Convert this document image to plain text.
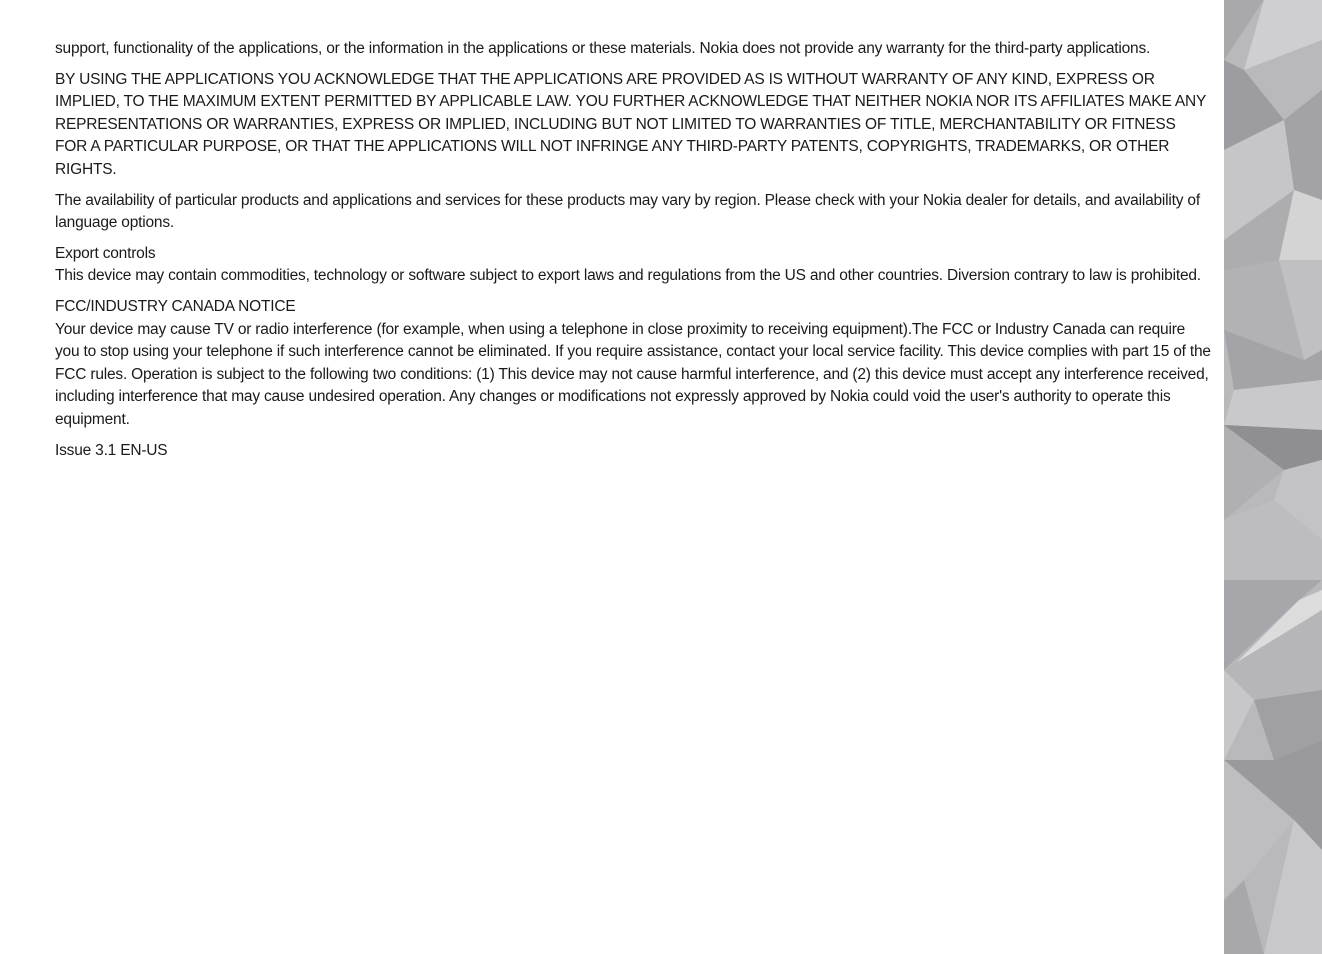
support, functionality of the applications, or the information in the applications or these materials. Nokia does not provide any warranty for the third-party applications.

BY USING THE APPLICATIONS YOU ACKNOWLEDGE THAT THE APPLICATIONS ARE PROVIDED AS IS WITHOUT WARRANTY OF ANY KIND, EXPRESS OR IMPLIED, TO THE MAXIMUM EXTENT PERMITTED BY APPLICABLE LAW. YOU FURTHER ACKNOWLEDGE THAT NEITHER NOKIA NOR ITS AFFILIATES MAKE ANY REPRESENTATIONS OR WARRANTIES, EXPRESS OR IMPLIED, INCLUDING BUT NOT LIMITED TO WARRANTIES OF TITLE, MERCHANTABILITY OR FITNESS FOR A PARTICULAR PURPOSE, OR THAT THE APPLICATIONS WILL NOT INFRINGE ANY THIRD-PARTY PATENTS, COPYRIGHTS, TRADEMARKS, OR OTHER RIGHTS.

The availability of particular products and applications and services for these products may vary by region. Please check with your Nokia dealer for details, and availability of language options.

Export controls
This device may contain commodities, technology or software subject to export laws and regulations from the US and other countries. Diversion contrary to law is prohibited.

FCC/INDUSTRY CANADA NOTICE
Your device may cause TV or radio interference (for example, when using a telephone in close proximity to receiving equipment).The FCC or Industry Canada can require you to stop using your telephone if such interference cannot be eliminated. If you require assistance, contact your local service facility. This device complies with part 15 of the FCC rules. Operation is subject to the following two conditions: (1) This device may not cause harmful interference, and (2) this device must accept any interference received, including interference that may cause undesired operation. Any changes or modifications not expressly approved by Nokia could void the user's authority to operate this equipment.

Issue 3.1 EN-US
